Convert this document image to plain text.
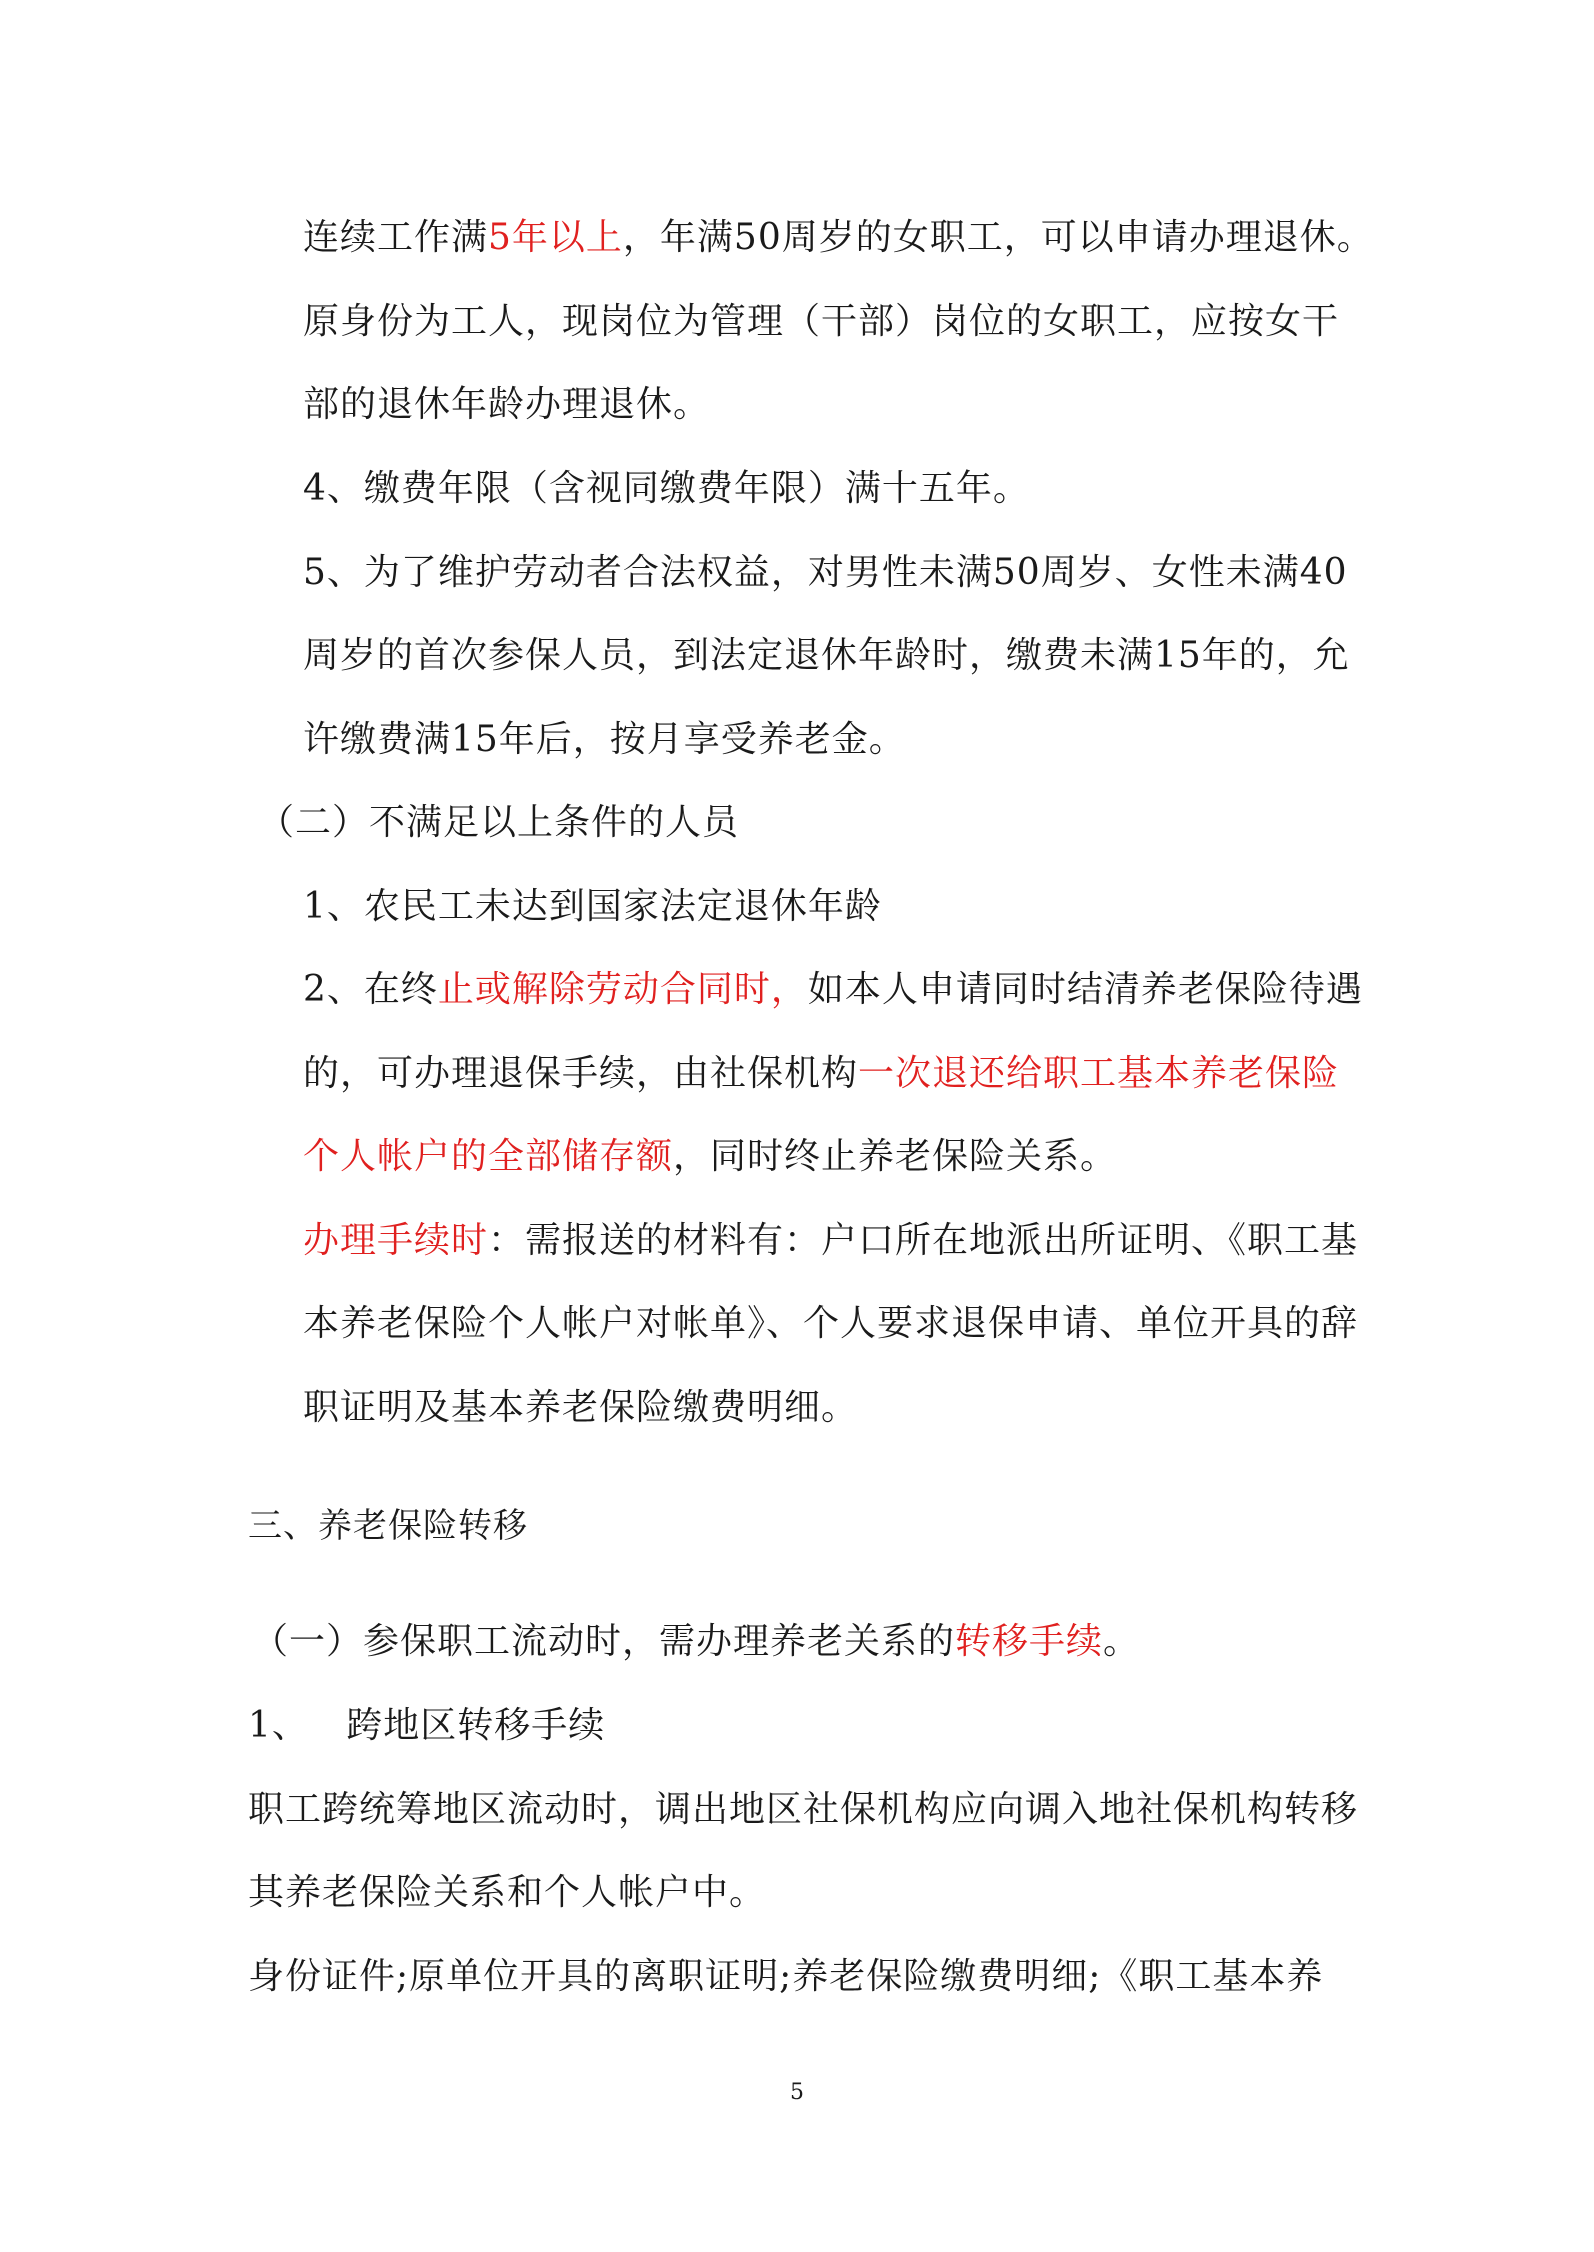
连续工作满5年以上，年满50周岁的女职工，可以申请办理退休。
原身份为工人，现岗位为管理（干部）岗位的女职工，应按女干
部的退休年龄办理退休。
4、缴费年限（含视同缴费年限）满十五年。
5、为了维护劳动者合法权益，对男性未满50周岁、女性未满40
周岁的首次参保人员，到法定退休年龄时，缴费未满15年的，允
许缴费满15年后，按月享受养老金。
（二）不满足以上条件的人员
1、农民工未达到国家法定退休年龄
2、在终止或解除劳动合同时，如本人申请同时结清养老保险待遇
的，可办理退保手续，由社保机构一次退还给职工基本养老保险
个人帐户的全部储存额，同时终止养老保险关系。
办理手续时：需报送的材料有：户口所在地派出所证明、《职工基
本养老保险个人帐户对帐单》、个人要求退保申请、单位开具的辞
职证明及基本养老保险缴费明细。
三、养老保险转移
（一）参保职工流动时，需办理养老关系的转移手续。
1、   跨地区转移手续
职工跨统筹地区流动时，调出地区社保机构应向调入地社保机构转移
其养老保险关系和个人帐户中。
身份证件;原单位开具的离职证明;养老保险缴费明细;《职工基本养
5
